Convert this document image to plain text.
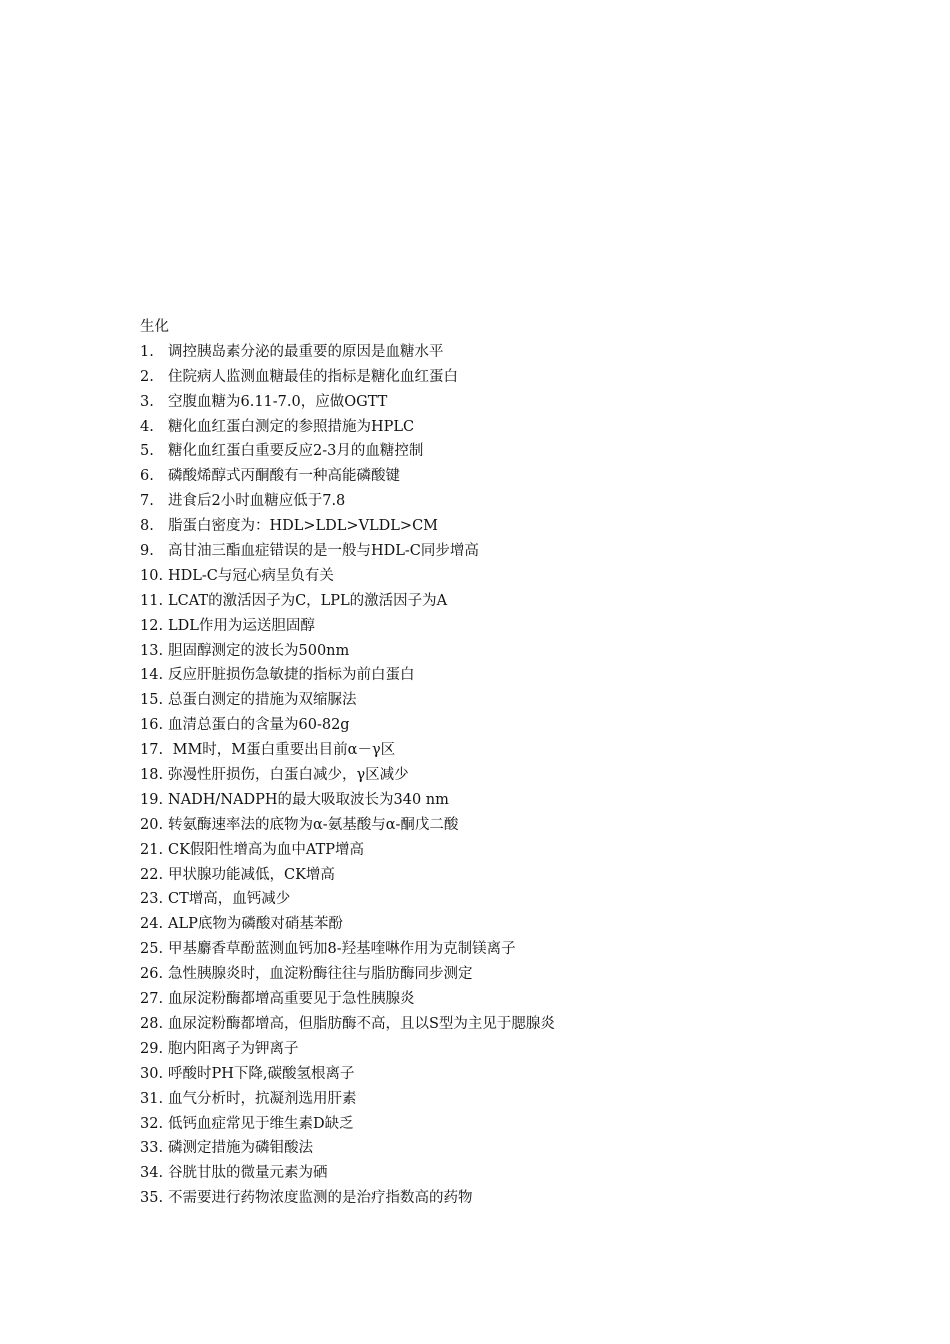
生化
1. 调控胰岛素分泌的最重要的原因是血糖水平
2. 住院病人监测血糖最佳的指标是糖化血红蛋白
3. 空腹血糖为6.11-7.0，应做OGTT
4. 糖化血红蛋白测定的参照措施为HPLC
5. 糖化血红蛋白重要反应2-3月的血糖控制
6. 磷酸烯醇式丙酮酸有一种高能磷酸键
7. 进食后2小时血糖应低于7.8
8. 脂蛋白密度为：HDL>LDL>VLDL>CM
9. 高甘油三酯血症错误的是一般与HDL-C同步增高
10. HDL-C与冠心病呈负有关
11. LCAT的激活因子为C，LPL的激活因子为A
12. LDL作用为运送胆固醇
13. 胆固醇测定的波长为500nm
14. 反应肝脏损伤急敏捷的指标为前白蛋白
15. 总蛋白测定的措施为双缩脲法
16. 血清总蛋白的含量为60-82g
17. MM时，M蛋白重要出目前α－γ区
18. 弥漫性肝损伤，白蛋白减少，γ区减少
19. NADH/NADPH的最大吸取波长为340 nm
20. 转氨酶速率法的底物为α-氨基酸与α-酮戊二酸
21. CK假阳性增高为血中ATP增高
22. 甲状腺功能减低，CK增高
23. CT增高，血钙减少
24. ALP底物为磷酸对硝基苯酚
25. 甲基麝香草酚蓝测血钙加8-羟基喹啉作用为克制镁离子
26. 急性胰腺炎时，血淀粉酶往往与脂肪酶同步测定
27. 血尿淀粉酶都增高重要见于急性胰腺炎
28. 血尿淀粉酶都增高，但脂肪酶不高，且以S型为主见于腮腺炎
29. 胞内阳离子为钾离子
30. 呼酸时PH下降,碳酸氢根离子
31. 血气分析时，抗凝剂选用肝素
32. 低钙血症常见于维生素D缺乏
33. 磷测定措施为磷钼酸法
34. 谷胱甘肽的微量元素为硒
35. 不需要进行药物浓度监测的是治疗指数高的药物
